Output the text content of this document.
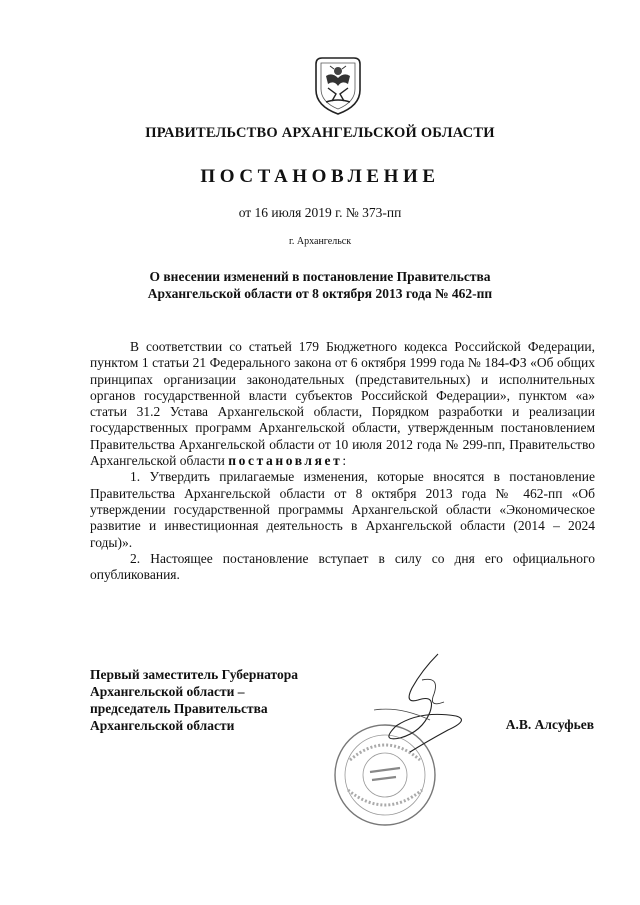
ПРАВИТЕЛЬСТВО АРХАНГЕЛЬСКОЙ ОБЛАСТИ
ПОСТАНОВЛЕНИЕ
от 16 июля 2019 г. № 373-пп
г. Архангельск
О внесении изменений в постановление Правительства
Архангельской области от 8 октября 2013 года № 462-пп

В соответствии со статьей 179 Бюджетного кодекса Российской Федерации, пунктом 1 статьи 21 Федерального закона от 6 октября 1999 года № 184-ФЗ «Об общих принципах организации законодательных (представительных) и исполнительных органов государственной власти субъектов Российской Федерации», пунктом «а» статьи 31.2 Устава Архангельской области, Порядком разработки и реализации государственных программ Архангельской области, утвержденным постановлением Правительства Архангельской области от 10 июля 2012 года № 299-пп, Правительство Архангельской области постановляет:

1. Утвердить прилагаемые изменения, которые вносятся в постановление Правительства Архангельской области от 8 октября 2013 года № 462-пп «Об утверждении государственной программы Архангельской области «Экономическое развитие и инвестиционная деятельность в Архангельской области (2014 – 2024 годы)».

2. Настоящее постановление вступает в силу со дня его официального опубликования.

Первый заместитель Губернатора
Архангельской области –
председатель Правительства
Архангельской области	А.В. Алсуфьев
